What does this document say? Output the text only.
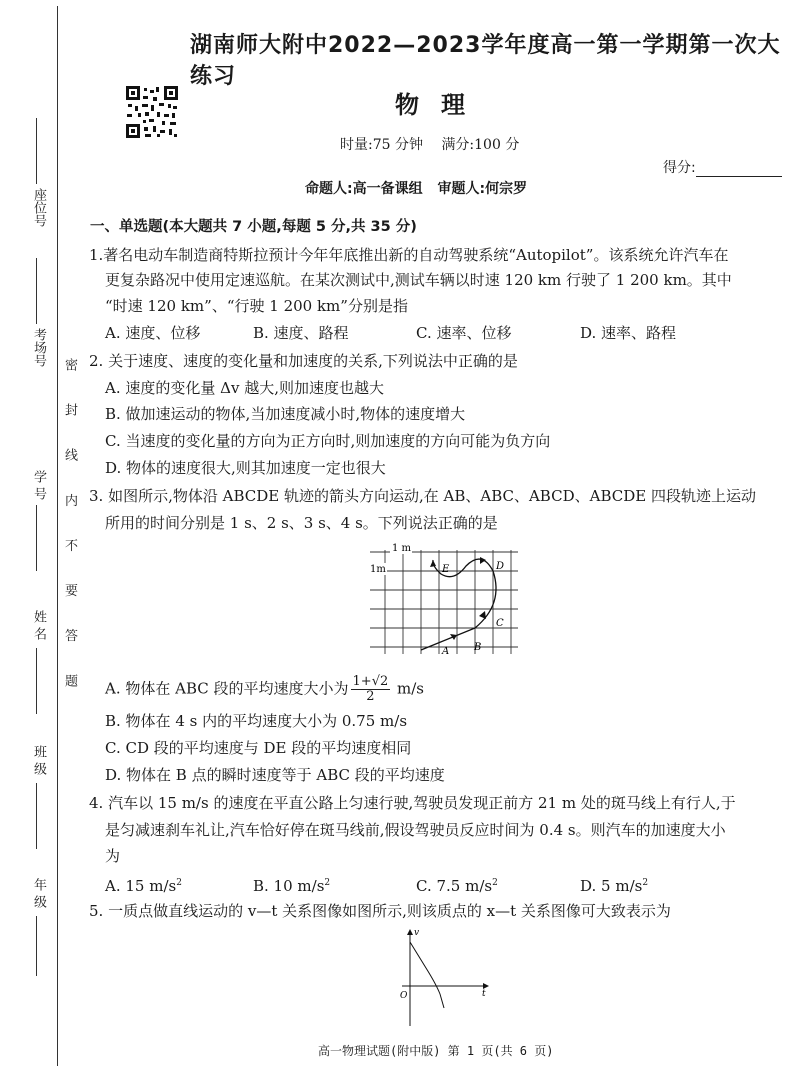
座位号
考场号
学 号
姓 名
班 级
年 级
密 封 线 内 不 要 答 题
湖南师大附中2022—2023学年度高一第一学期第一次大练习
物理
时量:75 分钟 满分:100 分
得分:
命题人:高一备课组 审题人:何宗罗
一、单选题(本大题共 7 小题,每题 5 分,共 35 分)
1.著名电动车制造商特斯拉预计今年年底推出新的自动驾驶系统“Autopilot”。该系统允许汽车在
更复杂路况中使用定速巡航。在某次测试中,测试车辆以时速 120 km 行驶了 1 200 km。其中
“时速 120 km”、“行驶 1 200 km”分别是指
A. 速度、位移	B. 速度、路程	C. 速率、位移	D. 速率、路程
2. 关于速度、速度的变化量和加速度的关系,下列说法中正确的是
A. 速度的变化量 Δv 越大,则加速度也越大
B. 做加速运动的物体,当加速度减小时,物体的速度增大
C. 当速度的变化量的方向为正方向时,则加速度的方向可能为负方向
D. 物体的速度很大,则其加速度一定也很大
3. 如图所示,物体沿 ABCDE 轨迹的箭头方向运动,在 AB、ABC、ABCD、ABCDE 四段轨迹上运动
所用的时间分别是 1 s、2 s、3 s、4 s。下列说法正确的是
1 m
1m
A B
C
D
E
A. 物体在 ABC 段的平均速度大小为 $\frac{1+√2}{2} m/s$
B. 物体在 4 s 内的平均速度大小为 0.75 m/s
C. CD 段的平均速度与 DE 段的平均速度相同
D. 物体在 B 点的瞬时速度等于 ABC 段的平均速度
4. 汽车以 15 m/s 的速度在平直公路上匀速行驶,驾驶员发现正前方 21 m 处的斑马线上有行人,于
是匀减速刹车礼让,汽车恰好停在斑马线前,假设驾驶员反应时间为 0.4 s。则汽车的加速度大小
为
A. 15 $m/s^2$	B. 10 $m/s^2$	C. 7.5 $m/s^2$	D. 5 $m/s^2$
5. 一质点做直线运动的 v—t 关系图像如图所示,则该质点的 x—t 关系图像可大致表示为
v
t
O
高一物理试题(附中版) 第 1 页(共 6 页)
